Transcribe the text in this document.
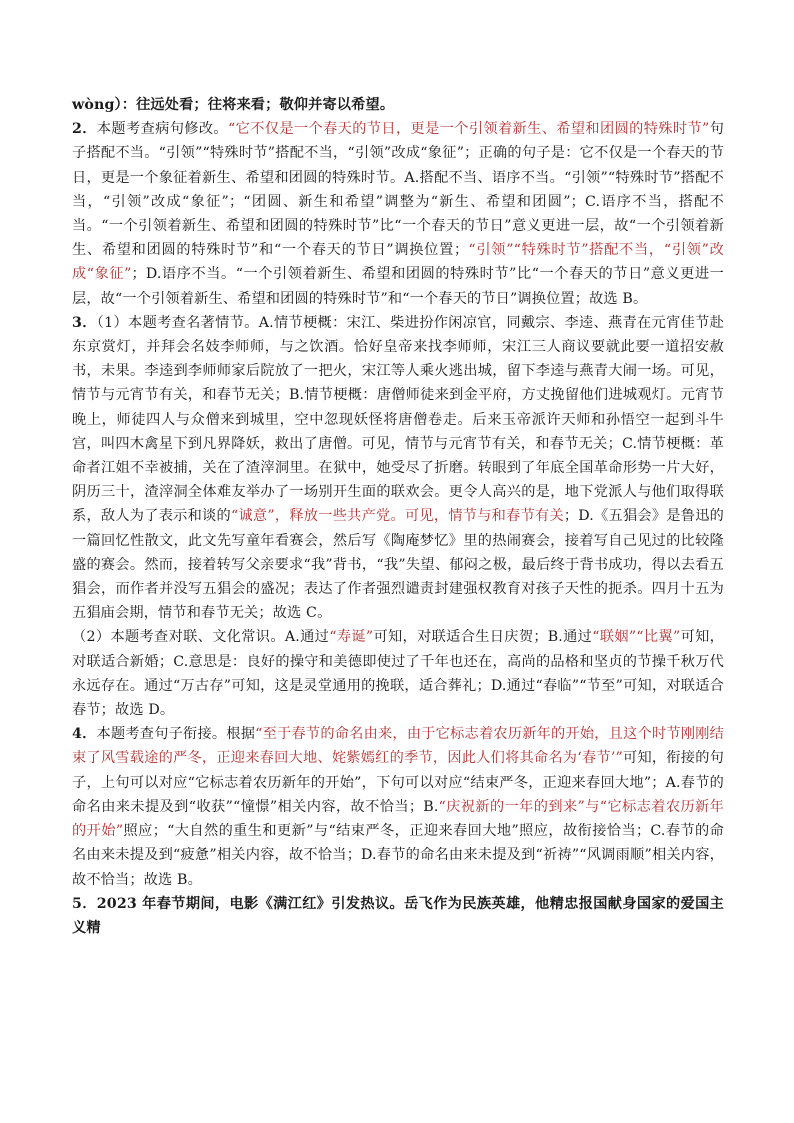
wòng）：往远处看；往将来看；敬仰并寄以希望。

2．本题考查病句修改。“它不仅是一个春天的节日，更是一个引领着新生、希望和团圆的特殊时节”句子搭配不当。“引领”“特殊时节”搭配不当，“引领”改成“象征”；正确的句子是：它不仅是一个春天的节日，更是一个象征着新生、希望和团圆的特殊时节。A.搭配不当、语序不当。“引领”“特殊时节”搭配不当，“引领”改成“象征”；“团圆、新生和希望”调整为“新生、希望和团圆”；C.语序不当，搭配不当。“一个引领着新生、希望和团圆的特殊时节”比“一个春天的节日”意义更进一层，故“一个引领着新生、希望和团圆的特殊时节”和“一个春天的节日”调换位置；“引领”“特殊时节”搭配不当，“引领”改成“象征”；D.语序不当。“一个引领着新生、希望和团圆的特殊时节”比“一个春天的节日”意义更进一层，故“一个引领着新生、希望和团圆的特殊时节”和“一个春天的节日”调换位置；故选 B。

3．（1）本题考查名著情节。A.情节梗概：宋江、柴进扮作闲凉官，同戴宗、李逵、燕青在元宵佳节赴东京赏灯，并拜会名妓李师师，与之饮酒。恰好皇帝来找李师师，宋江三人商议要就此要一道招安赦书，未果。李逵到李师师家后院放了一把火，宋江等人乘火逃出城，留下李逵与燕青大闹一场。可见，情节与元宵节有关，和春节无关；B.情节梗概：唐僧师徒来到金平府，方丈挽留他们进城观灯。元宵节晚上，师徒四人与众僧来到城里，空中忽现妖怪将唐僧卷走。后来玉帝派许天师和孙悟空一起到斗牛宫，叫四木禽星下到凡界降妖，救出了唐僧。可见，情节与元宵节有关，和春节无关；C.情节梗概：革命者江姐不幸被捕，关在了渣滓洞里。在狱中，她受尽了折磨。转眼到了年底全国革命形势一片大好，阴历三十，渣滓洞全体难友举办了一场别开生面的联欢会。更令人高兴的是，地下党派人与他们取得联系，敌人为了表示和谈的“诚意”，释放一些共产党。可见，情节与和春节有关；D.《五猖会》是鲁迅的一篇回忆性散文，此文先写童年看赛会，然后写《陶庵梦忆》里的热闹赛会，接着写自己见过的比较隆盛的赛会。然而，接着转写父亲要求“我”背书，“我”失望、郁闷之极，最后终于背书成功，得以去看五猖会，而作者并没写五猖会的盛况；表达了作者强烈谴责封建强权教育对孩子天性的扼杀。四月十五为五猖庙会期，情节和春节无关；故选 C。

（2）本题考查对联、文化常识。A.通过“寿诞”可知，对联适合生日庆贺；B.通过“联姻”“比翼”可知，对联适合新婚；C.意思是：良好的操守和美德即使过了千年也还在，高尚的品格和坚贞的节操千秋万代永远存在。通过“万古存”可知，这是灵堂通用的挽联，适合葬礼；D.通过“春临”“节至”可知，对联适合春节；故选 D。

4．本题考查句子衔接。根据“至于春节的命名由来，由于它标志着农历新年的开始，且这个时节刚刚结束了风雪载途的严冬，正迎来春回大地、姹紫嫣红的季节，因此人们将其命名为‘春节’”可知，衔接的句子，上句可以对应“它标志着农历新年的开始”，下句可以对应“结束严冬，正迎来春回大地”；A.春节的命名由来未提及到“收获”“憧憬”相关内容，故不恰当；B.“庆祝新的一年的到来”与“它标志着农历新年的开始”照应；“大自然的重生和更新”与“结束严冬，正迎来春回大地”照应，故衔接恰当；C.春节的命名由来未提及到“疲惫”相关内容，故不恰当；D.春节的命名由来未提及到“祈祷”“风调雨顺”相关内容，故不恰当；故选 B。

5．2023 年春节期间，电影《满江红》引发热议。岳飞作为民族英雄，他精忠报国献身国家的爱国主义精
